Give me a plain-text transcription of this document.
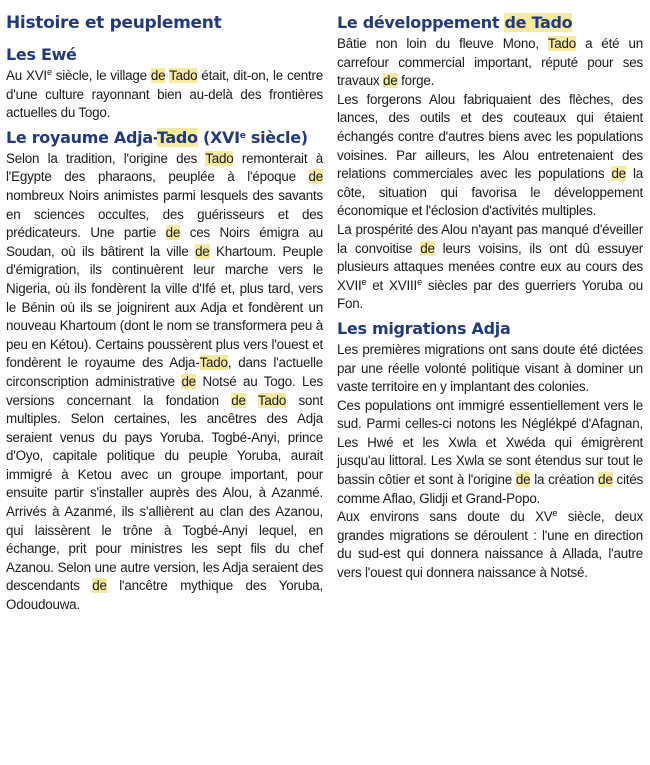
Histoire et peuplement
Les Ewé

Au XVIe siècle, le village de Tado était, dit-on, le centre d'une culture rayonnant bien au-delà des frontières actuelles du Togo.

Le royaume Adja-Tado (XVIe siècle)

Selon la tradition, l'origine des Tado remonterait à l'Egypte des pharaons, peuplée à l'époque de nombreux Noirs animistes parmi lesquels des savants en sciences occultes, des guérisseurs et des prédicateurs. Une partie de ces Noirs émigra au Soudan, où ils bâtirent la ville de Khartoum. Peuple d'émigration, ils continuèrent leur marche vers le Nigeria, où ils fondèrent la ville d'Ifé et, plus tard, vers le Bénin où ils se joignirent aux Adja et fondèrent un nouveau Khartoum (dont le nom se transformera peu à peu en Kétou). Certains poussèrent plus vers l'ouest et fondèrent le royaume des Adja-Tado, dans l'actuelle circonscription administrative de Notsé au Togo. Les versions concernant la fondation de Tado sont multiples. Selon certaines, les ancêtres des Adja seraient venus du pays Yoruba. Togbé-Anyi, prince d'Oyo, capitale politique du peuple Yoruba, aurait immigré à Ketou avec un groupe important, pour ensuite partir s'installer auprès des Alou, à Azanmé. Arrivés à Azanmé, ils s'allièrent au clan des Azanou, qui laissèrent le trône à Togbé-Anyi lequel, en échange, prit pour ministres les sept fils du chef Azanou. Selon une autre version, les Adja seraient des descendants de l'ancêtre mythique des Yoruba, Odoudouwa.

Le développement de Tado

Bâtie non loin du fleuve Mono, Tado a été un carrefour commercial important, réputé pour ses travaux de forge.

Les forgerons Alou fabriquaient des flèches, des lances, des outils et des couteaux qui étaient échangés contre d'autres biens avec les populations voisines. Par ailleurs, les Alou entretenaient des relations commerciales avec les populations de la côte, situation qui favorisa le développement économique et l'éclosion d'activités multiples.

La prospérité des Alou n'ayant pas manqué d'éveiller la convoitise de leurs voisins, ils ont dû essuyer plusieurs attaques menées contre eux au cours des XVIIe et XVIIIe siècles par des guerriers Yoruba ou Fon.

Les migrations Adja

Les premières migrations ont sans doute été dictées par une réelle volonté politique visant à dominer un vaste territoire en y implantant des colonies.

Ces populations ont immigré essentiellement vers le sud. Parmi celles-ci notons les Néglékpé d'Afagnan, Les Hwé et les Xwla et Xwéda qui émigrèrent jusqu'au littoral. Les Xwla se sont étendus sur tout le bassin côtier et sont à l'origine de la création de cités comme Aflao, Glidji et Grand-Popo.

Aux environs sans doute du XVe siècle, deux grandes migrations se déroulent : l'une en direction du sud-est qui donnera naissance à Allada, l'autre vers l'ouest qui donnera naissance à Notsé.
